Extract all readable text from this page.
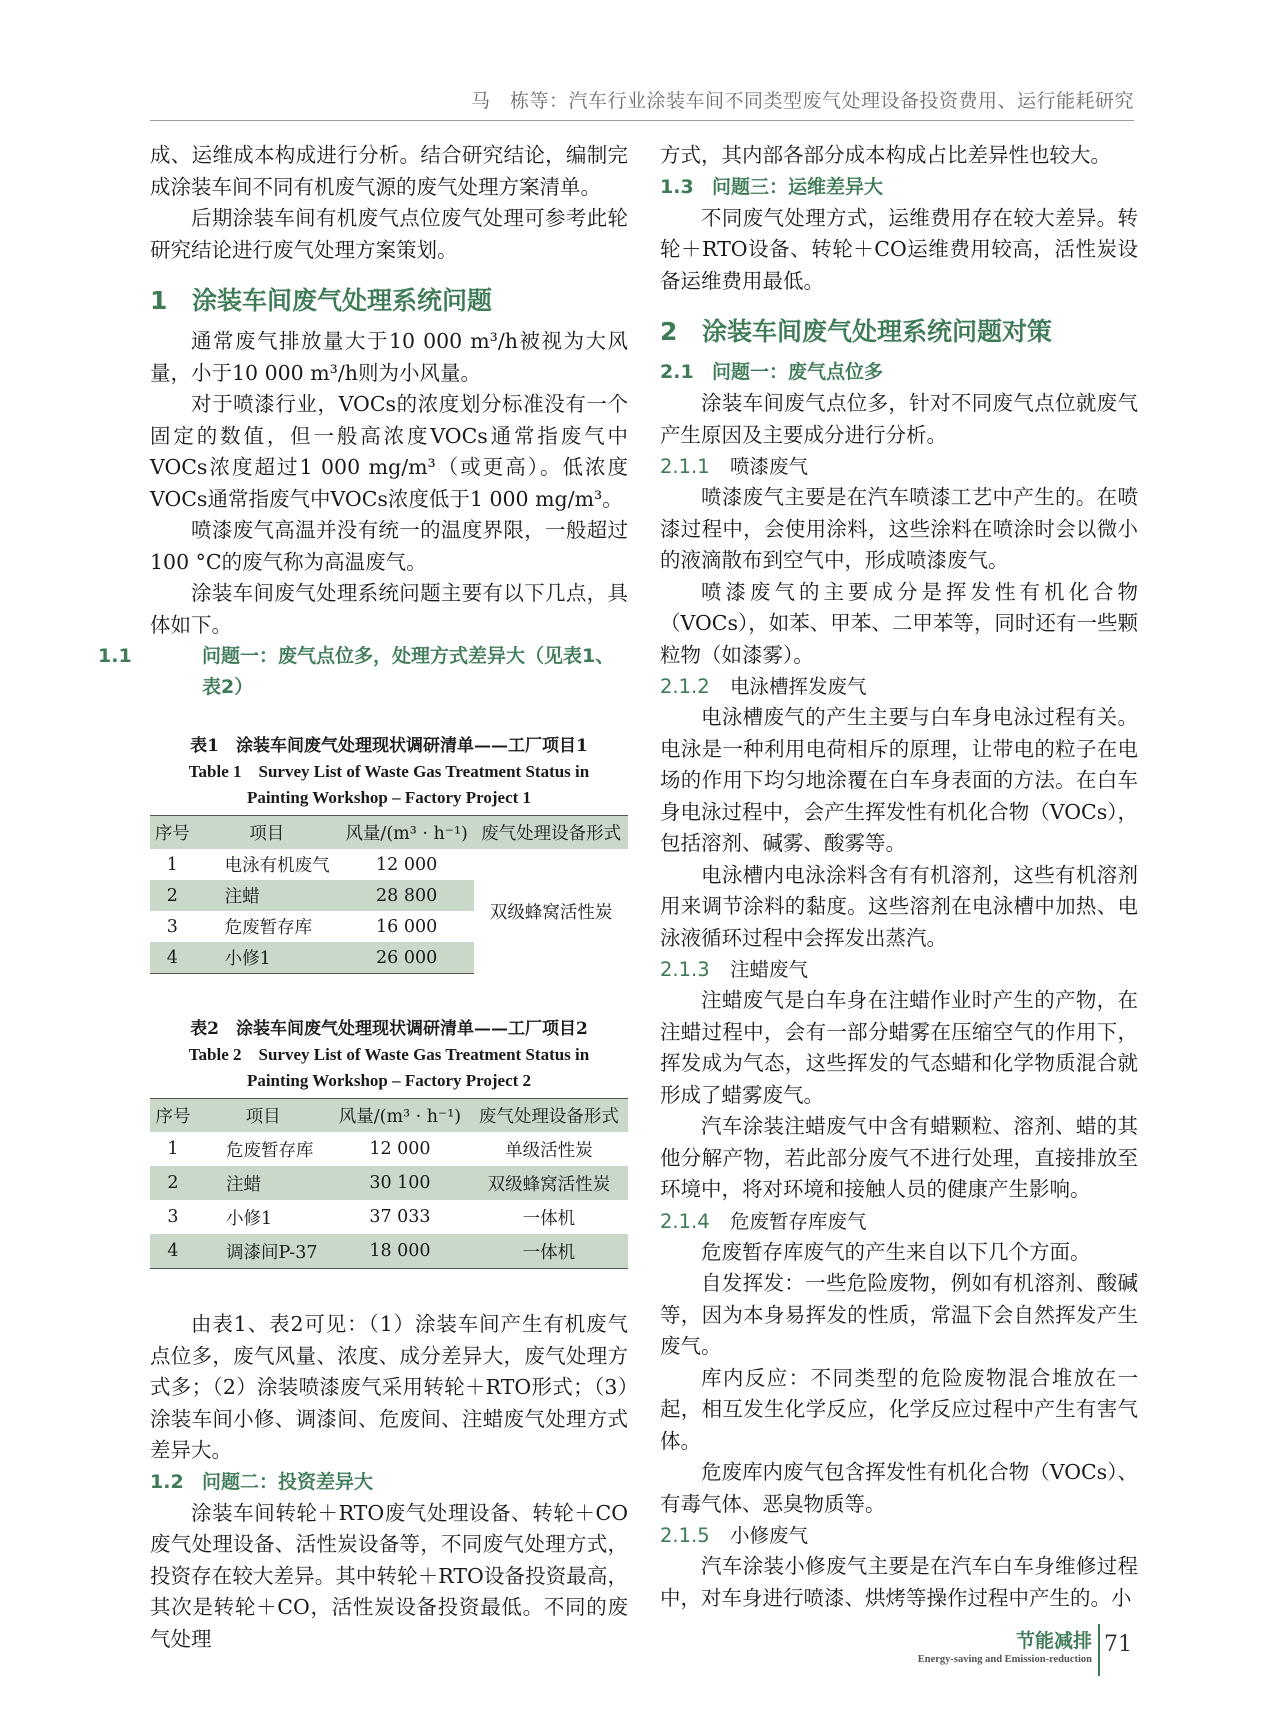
马　栋等：汽车行业涂装车间不同类型废气处理设备投资费用、运行能耗研究

成、运维成本构成进行分析。结合研究结论，编制完成涂装车间不同有机废气源的废气处理方案清单。

后期涂装车间有机废气点位废气处理可参考此轮研究结论进行废气处理方案策划。

1 涂装车间废气处理系统问题

通常废气排放量大于10 000 m³/h被视为大风量，小于10 000 m³/h则为小风量。

对于喷漆行业，VOCs的浓度划分标准没有一个固定的数值，但一般高浓度VOCs通常指废气中VOCs浓度超过1 000 mg/m³（或更高）。低浓度VOCs通常指废气中VOCs浓度低于1 000 mg/m³。

喷漆废气高温并没有统一的温度界限，一般超过100 °C的废气称为高温废气。

涂装车间废气处理系统问题主要有以下几点，具体如下。

1.1	问题一：废气点位多，处理方式差异大（见表1、表2）
表1　涂装车间废气处理现状调研清单——工厂项目1
Table 1　Survey List of Waste Gas Treatment Status in
Painting Workshop – Factory Project 1
序号	项目	风量/(m³ · h⁻¹)	废气处理设备形式
1	电泳有机废气	12 000	双级蜂窝活性炭
2	注蜡	28 800	
3	危废暂存库	16 000	
4	小修1	26 000	
表2　涂装车间废气处理现状调研清单——工厂项目2
Table 2　Survey List of Waste Gas Treatment Status in
Painting Workshop – Factory Project 2
序号	项目	风量/(m³ · h⁻¹)	废气处理设备形式
1	危废暂存库	12 000	单级活性炭
2	注蜡	30 100	双级蜂窝活性炭
3	小修1	37 033	一体机
4	调漆间P-37	18 000	一体机

由表1、表2可见：（1）涂装车间产生有机废气点位多，废气风量、浓度、成分差异大，废气处理方式多；（2）涂装喷漆废气采用转轮＋RTO形式；（3）涂装车间小修、调漆间、危废间、注蜡废气处理方式差异大。

1.2 问题二：投资差异大

涂装车间转轮＋RTO废气处理设备、转轮＋CO废气处理设备、活性炭设备等，不同废气处理方式，投资存在较大差异。其中转轮＋RTO设备投资最高，其次是转轮＋CO，活性炭设备投资最低。不同的废气处理

方式，其内部各部分成本构成占比差异性也较大。

1.3 问题三：运维差异大

不同废气处理方式，运维费用存在较大差异。转轮＋RTO设备、转轮＋CO运维费用较高，活性炭设备运维费用最低。

2 涂装车间废气处理系统问题对策
2.1 问题一：废气点位多

涂装车间废气点位多，针对不同废气点位就废气产生原因及主要成分进行分析。

2.1.1 喷漆废气

喷漆废气主要是在汽车喷漆工艺中产生的。在喷漆过程中，会使用涂料，这些涂料在喷涂时会以微小的液滴散布到空气中，形成喷漆废气。

喷漆废气的主要成分是挥发性有机化合物（VOCs），如苯、甲苯、二甲苯等，同时还有一些颗粒物（如漆雾）。

2.1.2 电泳槽挥发废气

电泳槽废气的产生主要与白车身电泳过程有关。电泳是一种利用电荷相斥的原理，让带电的粒子在电场的作用下均匀地涂覆在白车身表面的方法。在白车身电泳过程中，会产生挥发性有机化合物（VOCs），包括溶剂、碱雾、酸雾等。

电泳槽内电泳涂料含有有机溶剂，这些有机溶剂用来调节涂料的黏度。这些溶剂在电泳槽中加热、电泳液循环过程中会挥发出蒸汽。

2.1.3 注蜡废气

注蜡废气是白车身在注蜡作业时产生的产物，在注蜡过程中，会有一部分蜡雾在压缩空气的作用下，挥发成为气态，这些挥发的气态蜡和化学物质混合就形成了蜡雾废气。

汽车涂装注蜡废气中含有蜡颗粒、溶剂、蜡的其他分解产物，若此部分废气不进行处理，直接排放至环境中，将对环境和接触人员的健康产生影响。

2.1.4 危废暂存库废气

危废暂存库废气的产生来自以下几个方面。

自发挥发：一些危险废物，例如有机溶剂、酸碱等，因为本身易挥发的性质，常温下会自然挥发产生废气。

库内反应：不同类型的危险废物混合堆放在一起，相互发生化学反应，化学反应过程中产生有害气体。

危废库内废气包含挥发性有机化合物（VOCs）、有毒气体、恶臭物质等。

2.1.5 小修废气

汽车涂装小修废气主要是在汽车白车身维修过程中，对车身进行喷漆、烘烤等操作过程中产生的。小

节能减排
Energy-saving and Emission-reduction
71
